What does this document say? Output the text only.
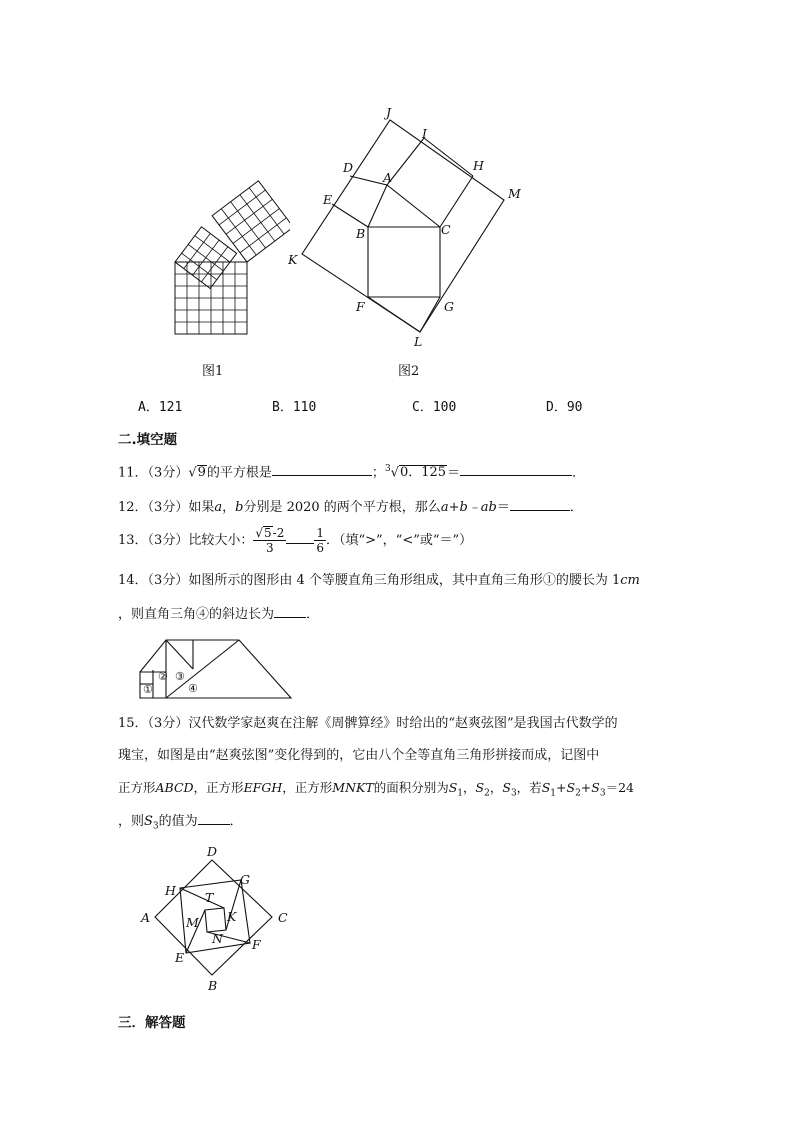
图1
J
I
D
A
H
M
E
B	C
K
F	G
L
图2
A．121	B．110	C．100	D．90
二.填空题
11．（3分）√9的平方根是	；$^3$√0．125＝	．
12．（3分）如果a，b分别是 2020 的两个平方根，那么a+b﹣ab＝	．
13．（3分）比较大小： $\frac{√5-2}{3} \frac{1}{6}$ ．（填“>”，“<”或“＝”）
14．（3分）如图所示的图形由 4 个等腰直角三角形组成，其中直角三角形①的腰长为 1cm
，则直角三角④的斜边长为 ．
①
② ③
④
15．（3分）汉代数学家赵爽在注解《周髀算经》时给出的“赵爽弦图”是我国古代数学的
瑰宝，如图是由“赵爽弦图”变化得到的，它由八个全等直角三角形拼接而成，记图中
正方形ABCD，正方形EFGH，正方形MNKT的面积分别为$S_1$，$S_2$，$S_3$，若$S_1+S_2+S_3=24$
，则$S_3$的值为 ．
D
H
G
T
A	K	C
M
N F
E
B
三．解答题
